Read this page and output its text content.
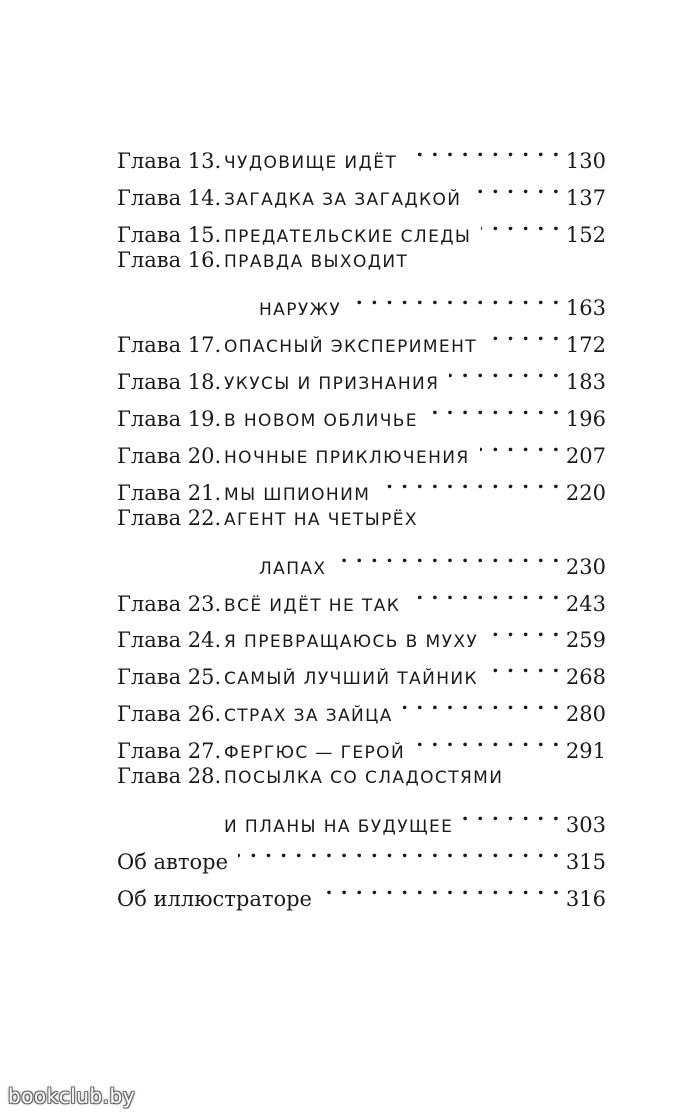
Глава 13. ЧУДОВИЩЕ ИДЁТ . . .	130
Глава 14. ЗАГАДКА ЗА ЗАГАДКОЙ . . .	137
Глава 15. ПРЕДАТЕЛЬСКИЕ СЛЕДЫ . . .	152
Глава 16. ПРАВДА ВЫХОДИТ
НАРУЖУ . . .	163
Глава 17. ОПАСНЫЙ ЭКСПЕРИМЕНТ . . .	172
Глава 18. УКУСЫ И ПРИЗНАНИЯ . . .	183
Глава 19. В НОВОМ ОБЛИЧЬЕ . . .	196
Глава 20. НОЧНЫЕ ПРИКЛЮЧЕНИЯ . . .	207
Глава 21. МЫ ШПИОНИМ . . .	220
Глава 22. АГЕНТ НА ЧЕТЫРЁХ
ЛАПАХ . . .	230
Глава 23. ВСЁ ИДЁТ НЕ ТАК . . .	243
Глава 24. Я ПРЕВРАЩАЮСЬ В МУХУ . . .	259
Глава 25. САМЫЙ ЛУЧШИЙ ТАЙНИК . . .	268
Глава 26. СТРАХ ЗА ЗАЙЦА . . .	280
Глава 27. ФЕРГЮС — ГЕРОЙ . . .	291
Глава 28. ПОСЫЛКА СО СЛАДОСТЯМИ
И ПЛАНЫ НА БУДУЩЕЕ . . .	303
Об авторе . . .	315
Об иллюстраторе . . .	316
bookclub.by
